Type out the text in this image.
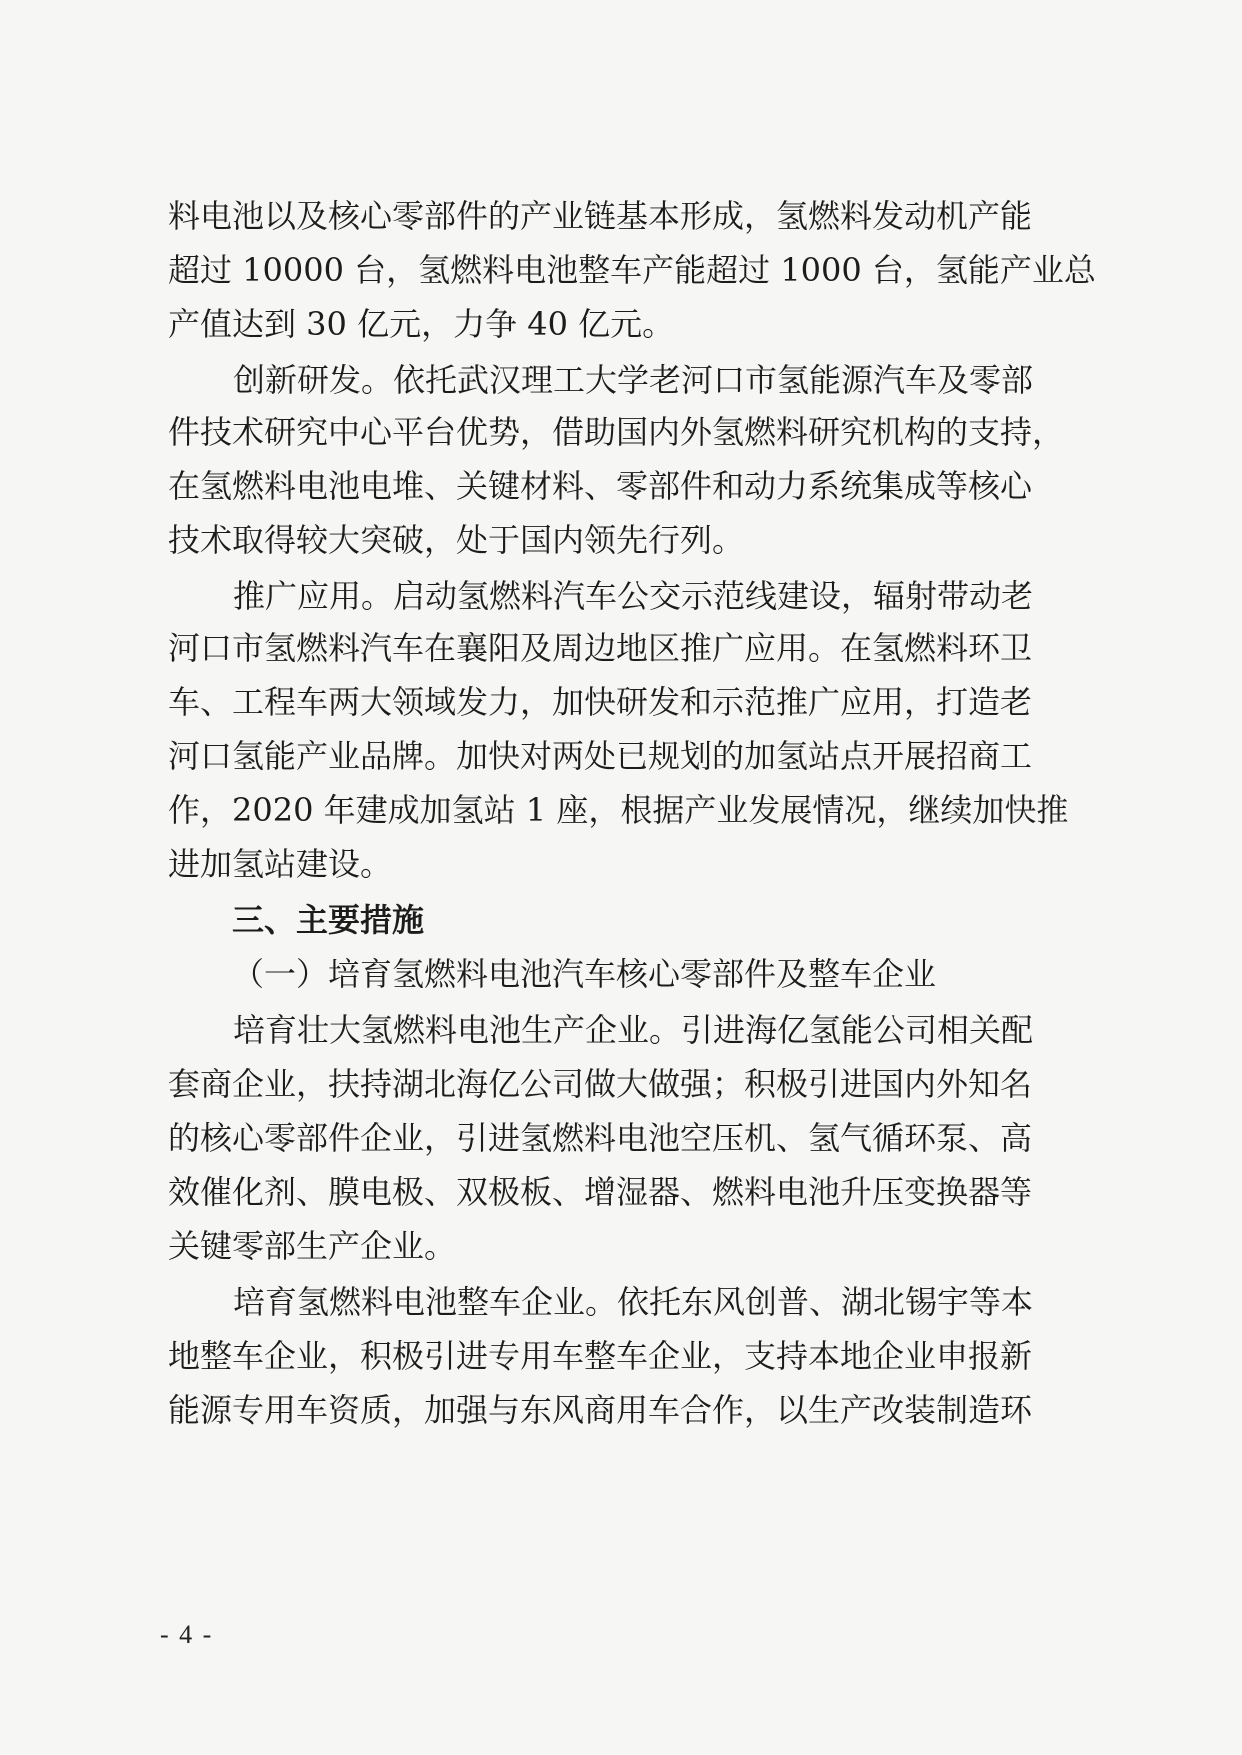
料电池以及核心零部件的产业链基本形成，氢燃料发动机产能
超过 10000 台，氢燃料电池整车产能超过 1000 台，氢能产业总
产值达到 30 亿元，力争 40 亿元。
创新研发。依托武汉理工大学老河口市氢能源汽车及零部
件技术研究中心平台优势，借助国内外氢燃料研究机构的支持，
在氢燃料电池电堆、关键材料、零部件和动力系统集成等核心
技术取得较大突破，处于国内领先行列。
推广应用。启动氢燃料汽车公交示范线建设，辐射带动老
河口市氢燃料汽车在襄阳及周边地区推广应用。在氢燃料环卫
车、工程车两大领域发力，加快研发和示范推广应用，打造老
河口氢能产业品牌。加快对两处已规划的加氢站点开展招商工
作，2020 年建成加氢站 1 座，根据产业发展情况，继续加快推
进加氢站建设。
三、主要措施
（一）培育氢燃料电池汽车核心零部件及整车企业
培育壮大氢燃料电池生产企业。引进海亿氢能公司相关配
套商企业，扶持湖北海亿公司做大做强；积极引进国内外知名
的核心零部件企业，引进氢燃料电池空压机、氢气循环泵、高
效催化剂、膜电极、双极板、增湿器、燃料电池升压变换器等
关键零部生产企业。
培育氢燃料电池整车企业。依托东风创普、湖北锡宇等本
地整车企业，积极引进专用车整车企业，支持本地企业申报新
能源专用车资质，加强与东风商用车合作，以生产改装制造环
- 4 -
